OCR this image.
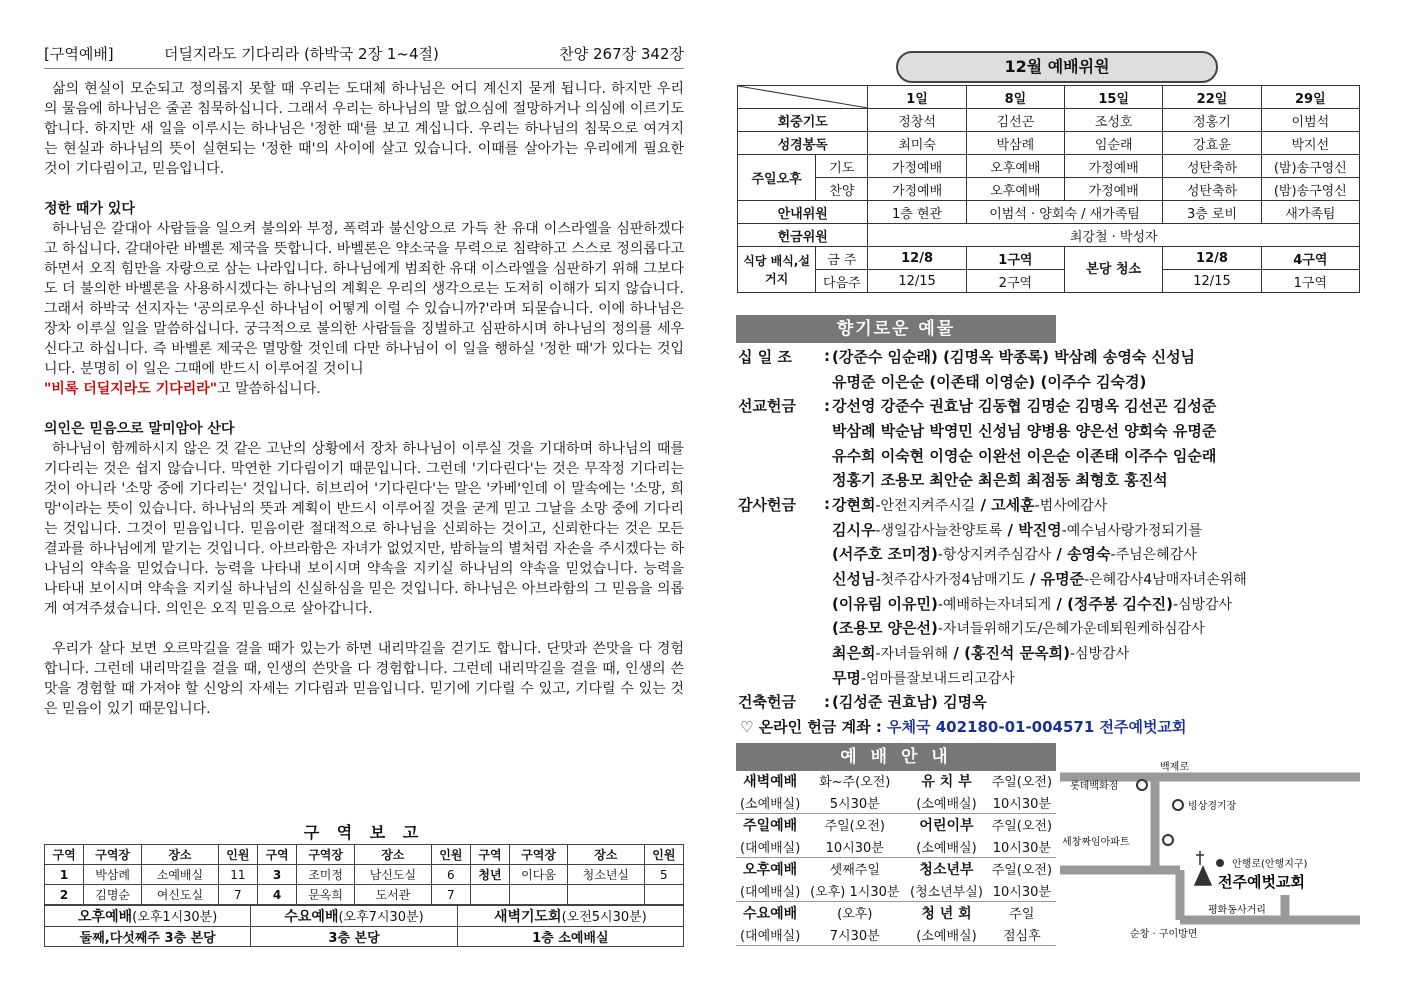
[구역예배]	더딜지라도 기다리라 (하박국 2장 1~4절)	찬양 267장 342장

삶의 현실이 모순되고 정의롭지 못할 때 우리는 도대체 하나님은 어디 계신지 묻게 됩니다. 하지만 우리의 물음에 하나님은 줄곧 침묵하십니다. 그래서 우리는 하나님의 말 없으심에 절망하거나 의심에 이르기도 합니다. 하지만 새 일을 이루시는 하나님은 '정한 때'를 보고 계십니다. 우리는 하나님의 침묵으로 여겨지는 현실과 하나님의 뜻이 실현되는 '정한 때'의 사이에 살고 있습니다. 이때를 살아가는 우리에게 필요한 것이 기다림이고, 믿음입니다.

정한 때가 있다

하나님은 갈대아 사람들을 일으켜 불의와 부정, 폭력과 불신앙으로 가득 찬 유대 이스라엘을 심판하겠다고 하십니다. 갈대아란 바벨론 제국을 뜻합니다. 바벨론은 약소국을 무력으로 침략하고 스스로 정의롭다고 하면서 오직 힘만을 자랑으로 삼는 나라입니다. 하나님에게 범죄한 유대 이스라엘을 심판하기 위해 그보다도 더 불의한 바벨론을 사용하시겠다는 하나님의 계획은 우리의 생각으로는 도저히 이해가 되지 않습니다. 그래서 하박국 선지자는 '공의로우신 하나님이 어떻게 이럴 수 있습니까?'라며 되묻습니다. 이에 하나님은 장차 이루실 일을 말씀하십니다. 궁극적으로 불의한 사람들을 징벌하고 심판하시며 하나님의 정의를 세우신다고 하십니다. 즉 바벨론 제국은 멸망할 것인데 다만 하나님이 이 일을 행하실 '정한 때'가 있다는 것입니다. 분명히 이 일은 그때에 반드시 이루어질 것이니
"비록 더딜지라도 기다리라"고 말씀하십니다.

의인은 믿음으로 말미암아 산다

하나님이 함께하시지 않은 것 같은 고난의 상황에서 장차 하나님이 이루실 것을 기대하며 하나님의 때를 기다리는 것은 쉽지 않습니다. 막연한 기다림이기 때문입니다. 그런데 '기다린다'는 것은 무작정 기다리는 것이 아니라 '소망 중에 기다리는' 것입니다. 히브리어 '기다린다'는 말은 '카베'인데 이 말속에는 '소망, 희망'이라는 뜻이 있습니다. 하나님의 뜻과 계획이 반드시 이루어질 것을 굳게 믿고 그날을 소망 중에 기다리는 것입니다. 그것이 믿음입니다. 믿음이란 절대적으로 하나님을 신뢰하는 것이고, 신뢰한다는 것은 모든 결과를 하나님에게 맡기는 것입니다. 아브라함은 자녀가 없었지만, 밤하늘의 별처럼 자손을 주시겠다는 하나님의 약속을 믿었습니다. 능력을 나타내 보이시며 약속을 지키실 하나님의 약속을 믿었습니다. 능력을 나타내 보이시며 약속을 지키실 하나님의 신실하심을 믿은 것입니다. 하나님은 아브라함의 그 믿음을 의롭게 여겨주셨습니다. 의인은 오직 믿음으로 살아갑니다.

우리가 살다 보면 오르막길을 걸을 때가 있는가 하면 내리막길을 걷기도 합니다. 단맛과 쓴맛을 다 경험합니다. 그런데 내리막길을 걸을 때, 인생의 쓴맛을 다 경험합니다. 그런데 내리막길을 걸을 때, 인생의 쓴맛을 경험할 때 가져야 할 신앙의 자세는 기다림과 믿음입니다. 믿기에 기다릴 수 있고, 기다릴 수 있는 것은 믿음이 있기 때문입니다.

구 역 보 고
구역	구역장	장소	인원	구역	구역장	장소	인원	구역	구역장	장소	인원
1	박삼례	소예배실	11	3	조미정	남신도실	6	청년	이다움	청소년실	5
2	김명순	여신도실	7	4	문옥희	도서관	7				
오후예배(오후1시30분)	수요예배(오후7시30분)	새벽기도회(오전5시30분)
둘째,다섯째주 3층 본당	3층 본당	1층 소예배실
12월 예배위원
	1일	8일	15일	22일	29일
회중기도		정창석	김선곤	조성호	정홍기	이범석
성경봉독		최미숙	박삼례	임순래	강효윤	박지선
주일오후	기도	가정예배	오후예배	가정예배	성탄축하	(밤)송구영신
	찬양	가정예배	오후예배	가정예배	성탄축하	(밤)송구영신
안내위원		1층 현관	이범석 · 양회숙 / 새가족팀		3층 로비	새가족팀
헌금위원		최강철 · 박성자				
식당 배식,설거지	금 주	12/8	1구역	본당 청소	12/8	4구역
	다음주	12/15	2구역		12/15	1구역
향기로운 예물
십 일 조	: (강준수 임순래) (김명옥 박종록) 박삼례 송영숙 신성님
유명준 이은순 (이존태 이영순) (이주수 김숙경)
선교헌금	: 강선영 강준수 권효남 김동협 김명순 김명옥 김선곤 김성준
박삼례 박순남 박영민 신성님 양병용 양은선 양회숙 유명준
유수희 이숙현 이영순 이완선 이은순 이존태 이주수 임순래
정홍기 조용모 최안순 최은희 최점동 최형호 홍진석
감사헌금	: 강현희-안전지켜주시길 / 고세훈-범사에감사
김시우-생일감사늘찬양토록 / 박진영-예수님사랑가정되기를
(서주호 조미정)-항상지켜주심감사 / 송영숙-주님은혜감사
신성님-첫주감사가정4남매기도 / 유명준-은혜감사4남매자녀손위해
(이유림 이유민)-예배하는자녀되게 / (정주봉 김수진)-심방감사
(조용모 양은선)-자녀들위해기도/은혜가운데퇴원케하심감사
최은희-자녀들위해 / (홍진석 문옥희)-심방감사
무명-엄마를잘보내드리고감사
건축헌금	: (김성준 권효남) 김명옥
♡ 온라인 헌금 계좌 : 우체국 402180-01-004571 전주예벗교회
예 배 안 내
새벽예배	화~주(오전)	유 치 부	주일(오전)
(소예배실)	5시30분	(소예배실)	10시30분
주일예배	주일(오전)	어린이부	주일(오전)
(대예배실)	10시30분	(소예배실)	10시30분
오후예배	셋째주일	청소년부	주일(오전)
(대예배실)	(오후) 1시30분	(청소년부실)	10시30분
수요예배	(오후)	청 년 회	주일
(대예배실)	7시30분	(소예배실)	점심후
백제로
롯데백화점
빙상경기장
세창짜임아파트
안행로(안행지구)
전주예벗교회
평화동사거리
순창 · 구이방면
